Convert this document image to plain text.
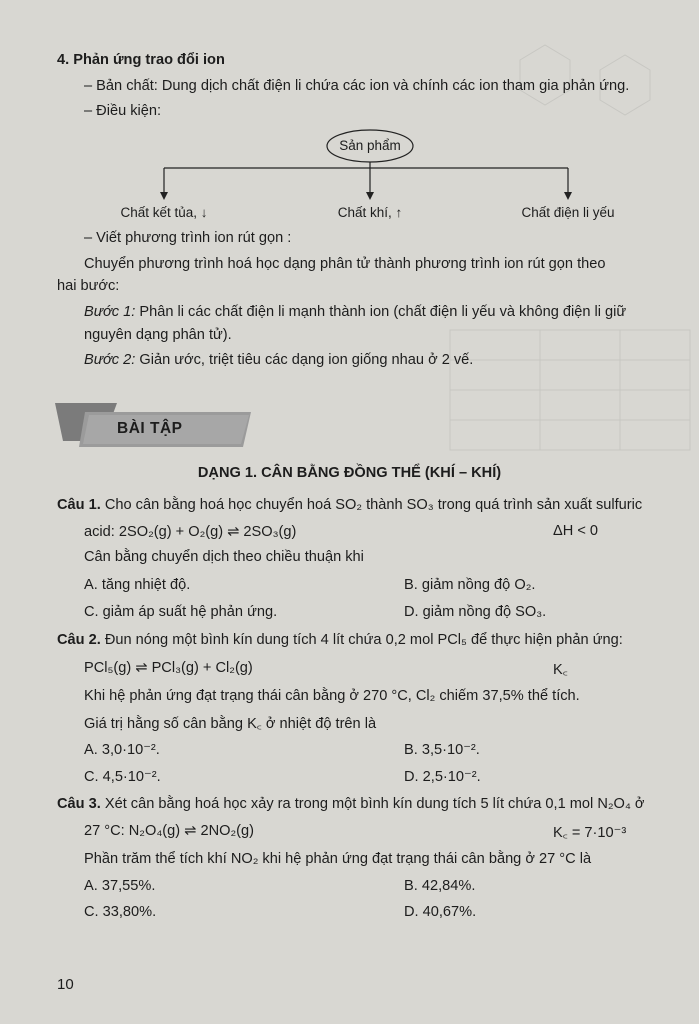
4. Phản ứng trao đổi ion
– Bản chất: Dung dịch chất điện li chứa các ion và chính các ion tham gia phản ứng.
– Điều kiện:
Sản phẩm
Chất kết tủa, ↓	Chất khí, ↑	Chất điện li yếu
– Viết phương trình ion rút gọn :
Chuyển phương trình hoá học dạng phân tử thành phương trình ion rút gọn theo
hai bước:
Bước 1: Phân li các chất điện li mạnh thành ion (chất điện li yếu và không điện li giữ
nguyên dạng phân tử).
Bước 2: Giản ước, triệt tiêu các dạng ion giống nhau ở 2 vế.
BÀI TẬP
DẠNG 1. CÂN BẰNG ĐỒNG THỂ (KHÍ – KHÍ)
Câu 1. Cho cân bằng hoá học chuyển hoá SO₂ thành SO₃ trong quá trình sản xuất sulfuric
acid: 2SO₂(g) + O₂(g) ⇌ 2SO₃(g)	ΔH < 0
Cân bằng chuyển dịch theo chiều thuận khi
A. tăng nhiệt độ.	B. giảm nồng độ O₂.
C. giảm áp suất hệ phản ứng.	D. giảm nồng độ SO₃.
Câu 2. Đun nóng một bình kín dung tích 4 lít chứa 0,2 mol PCl₅ để thực hiện phản ứng:
PCl₅(g) ⇌ PCl₃(g) + Cl₂(g)	K꜀
Khi hệ phản ứng đạt trạng thái cân bằng ở 270 °C, Cl₂ chiếm 37,5% thể tích.
Giá trị hằng số cân bằng K꜀ ở nhiệt độ trên là
A. 3,0·10⁻².	B. 3,5·10⁻².
C. 4,5·10⁻².	D. 2,5·10⁻².
Câu 3. Xét cân bằng hoá học xảy ra trong một bình kín dung tích 5 lít chứa 0,1 mol N₂O₄ ở
27 °C: N₂O₄(g) ⇌ 2NO₂(g)	K꜀ = 7·10⁻³
Phần trăm thể tích khí NO₂ khi hệ phản ứng đạt trạng thái cân bằng ở 27 °C là
A. 37,55%.	B. 42,84%.
C. 33,80%.	D. 40,67%.
10
